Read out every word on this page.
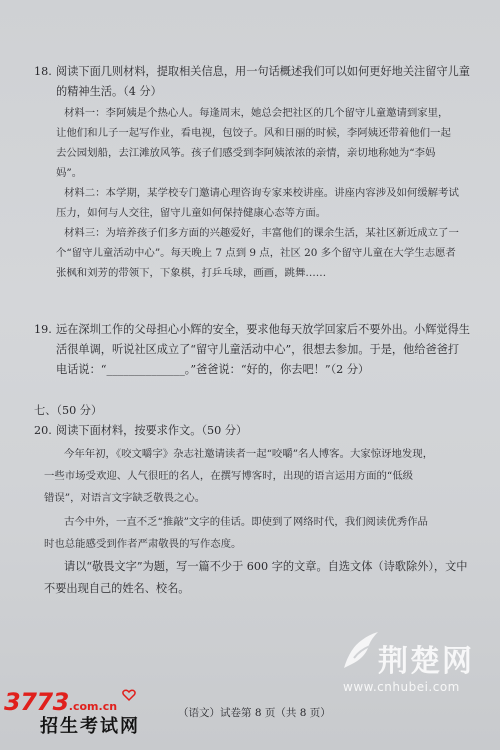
18. 阅读下面几则材料，提取相关信息，用一句话概述我们可以如何更好地关注留守儿童
的精神生活。（4 分）
材料一：李阿姨是个热心人。每逢周末，她总会把社区的几个留守儿童邀请到家里，
让他们和儿子一起写作业，看电视，包饺子。风和日丽的时候，李阿姨还带着他们一起
去公园划船，去江滩放风筝。孩子们感受到李阿姨浓浓的亲情，亲切地称她为“李妈
妈”。
材料二：本学期，某学校专门邀请心理咨询专家来校讲座。讲座内容涉及如何缓解考试
压力，如何与人交往，留守儿童如何保持健康心态等方面。
材料三：为培养孩子们多方面的兴趣爱好，丰富他们的课余生活，某社区新近成立了一
个“留守儿童活动中心”。每天晚上 7 点到 9 点，社区 20 多个留守儿童在大学生志愿者
张枫和刘芳的带领下，下象棋，打乒乓球，画画，跳舞……
19. 远在深圳工作的父母担心小辉的安全，要求他每天放学回家后不要外出。小辉觉得生
活很单调，听说社区成立了“留守儿童活动中心”，很想去参加。于是，他给爸爸打
电话说：“______________。”爸爸说：“好的，你去吧！”（2 分）
七、（50 分）
20. 阅读下面材料，按要求作文。（50 分）
今年年初，《咬文嚼字》杂志社邀请读者一起“咬嚼”名人博客。大家惊讶地发现，
一些市场受欢迎、人气很旺的名人，在撰写博客时，出现的语言运用方面的“低级
错误”，对语言文字缺乏敬畏之心。
古今中外，一直不乏“推敲”文字的佳话。即使到了网络时代，我们阅读优秀作品
时也总能感受到作者严肃敬畏的写作态度。
请以“敬畏文字”为题，写一篇不少于 600 字的文章。自选文体（诗歌除外），文中
不要出现自己的姓名、校名。
荆楚网
www.cnhubei.com
（语文）试卷第 8 页（共 8 页）
3773.com.cn
招生考试网
